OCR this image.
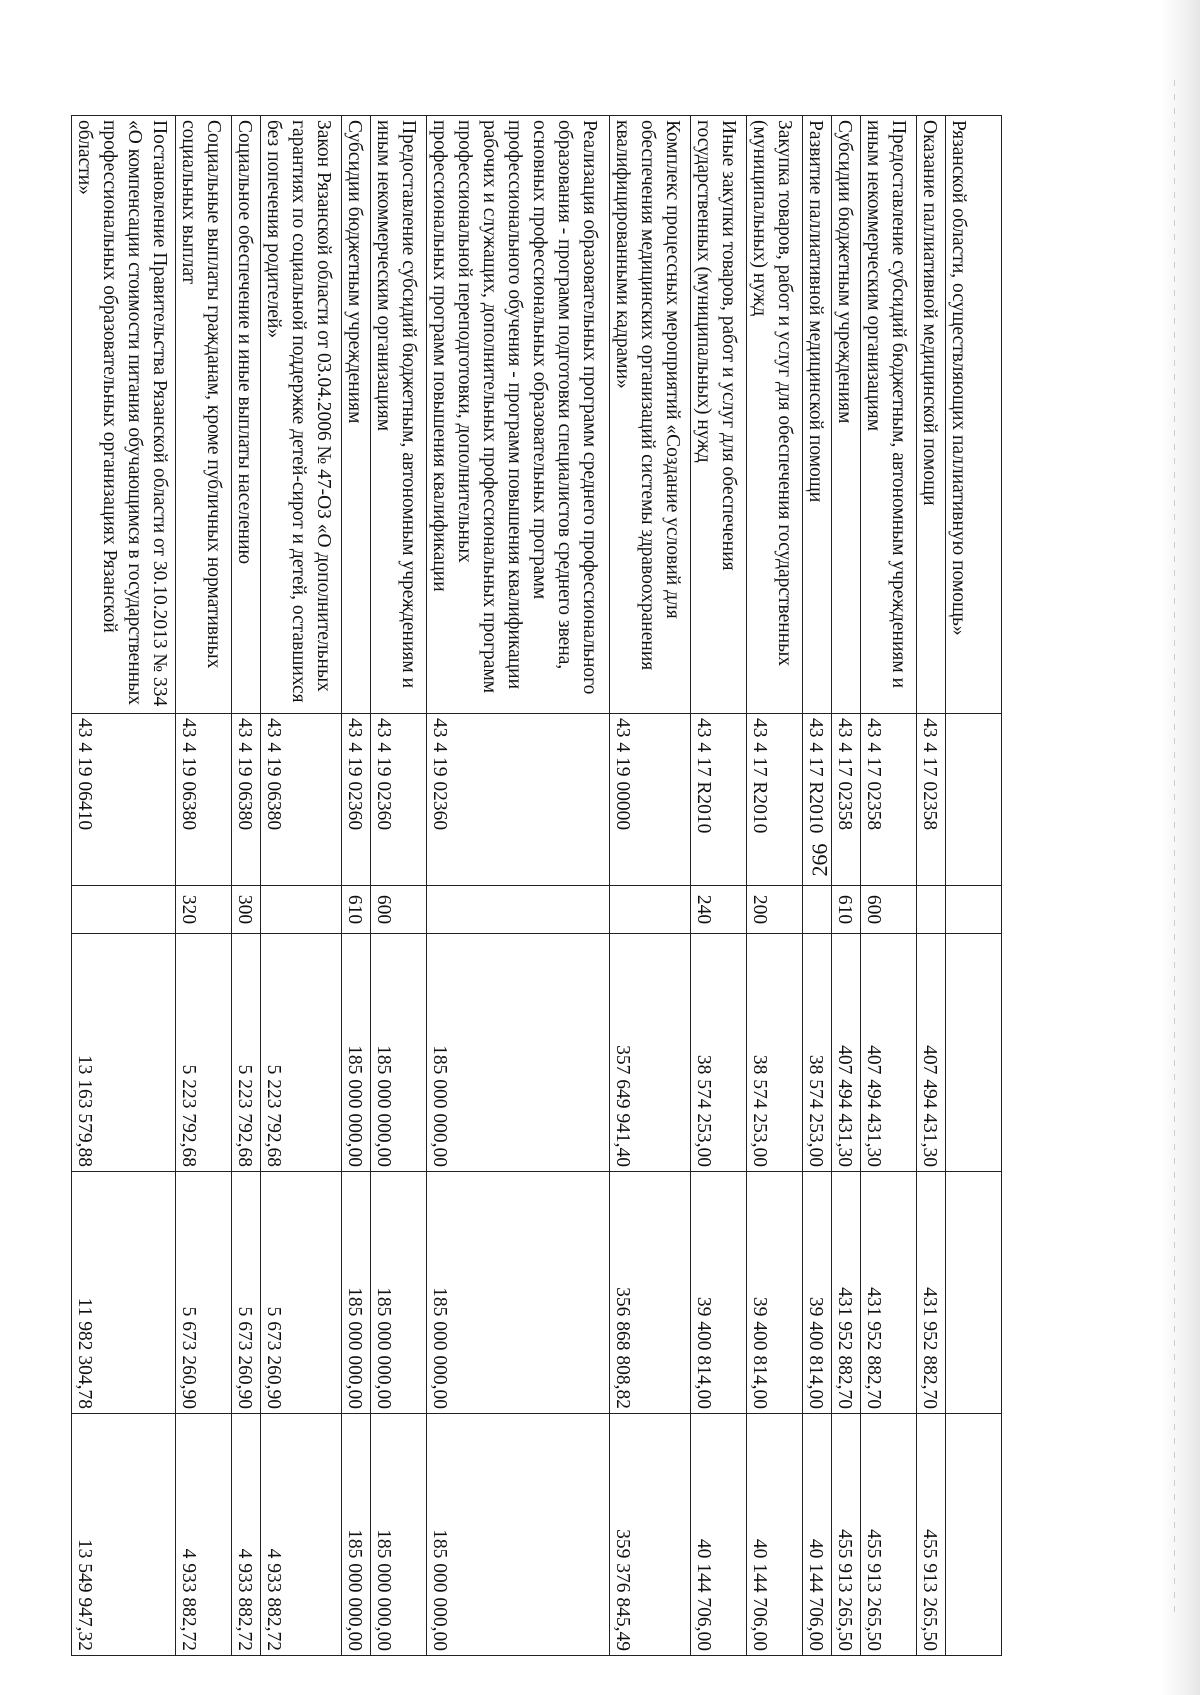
266
Рязанской области, осуществляющих паллиативную помощь»					
Оказание паллиативной медицинской помощи	43 4 17 02358		407 494 431,30	431 952 882,70	455 913 265,50
Предоставление субсидий бюджетным, автономным учреждениям и иным некоммерческим организациям	43 4 17 02358	600	407 494 431,30	431 952 882,70	455 913 265,50
Субсидии бюджетным учреждениям	43 4 17 02358	610	407 494 431,30	431 952 882,70	455 913 265,50
Развитие паллиативной медицинской помощи	43 4 17 R2010		38 574 253,00	39 400 814,00	40 144 706,00
Закупка товаров, работ и услуг для обеспечения государственных (муниципальных) нужд	43 4 17 R2010	200	38 574 253,00	39 400 814,00	40 144 706,00
Иные закупки товаров, работ и услуг для обеспечения государственных (муниципальных) нужд	43 4 17 R2010	240	38 574 253,00	39 400 814,00	40 144 706,00
Комплекс процессных мероприятий «Создание условий для обеспечения медицинских организаций системы здравоохранения квалифицированными кадрами»	43 4 19 00000		357 649 941,40	356 868 808,82	359 376 845,49
Реализация образовательных программ среднего профессионального образования - программ подготовки специалистов среднего звена, основных профессиональных образовательных программ профессионального обучения - программ повышения квалификации рабочих и служащих, дополнительных профессиональных программ профессиональной переподготовки, дополнительных профессиональных программ повышения квалификации	43 4 19 02360		185 000 000,00	185 000 000,00	185 000 000,00
Предоставление субсидий бюджетным, автономным учреждениям и иным некоммерческим организациям	43 4 19 02360	600	185 000 000,00	185 000 000,00	185 000 000,00
Субсидии бюджетным учреждениям	43 4 19 02360	610	185 000 000,00	185 000 000,00	185 000 000,00
Закон Рязанской области от 03.04.2006 № 47-ОЗ «О дополнительных гарантиях по социальной поддержке детей-сирот и детей, оставшихся без попечения родителей»	43 4 19 06380		5 223 792,68	5 673 260,90	4 933 882,72
Социальное обеспечение и иные выплаты населению	43 4 19 06380	300	5 223 792,68	5 673 260,90	4 933 882,72
Социальные выплаты гражданам, кроме публичных нормативных социальных выплат	43 4 19 06380	320	5 223 792,68	5 673 260,90	4 933 882,72
Постановление Правительства Рязанской области от 30.10.2013 № 334 «О компенсации стоимости питания обучающимся в государственных профессиональных образовательных организациях Рязанской области»	43 4 19 06410		13 163 579,88	11 982 304,78	13 549 947,32
